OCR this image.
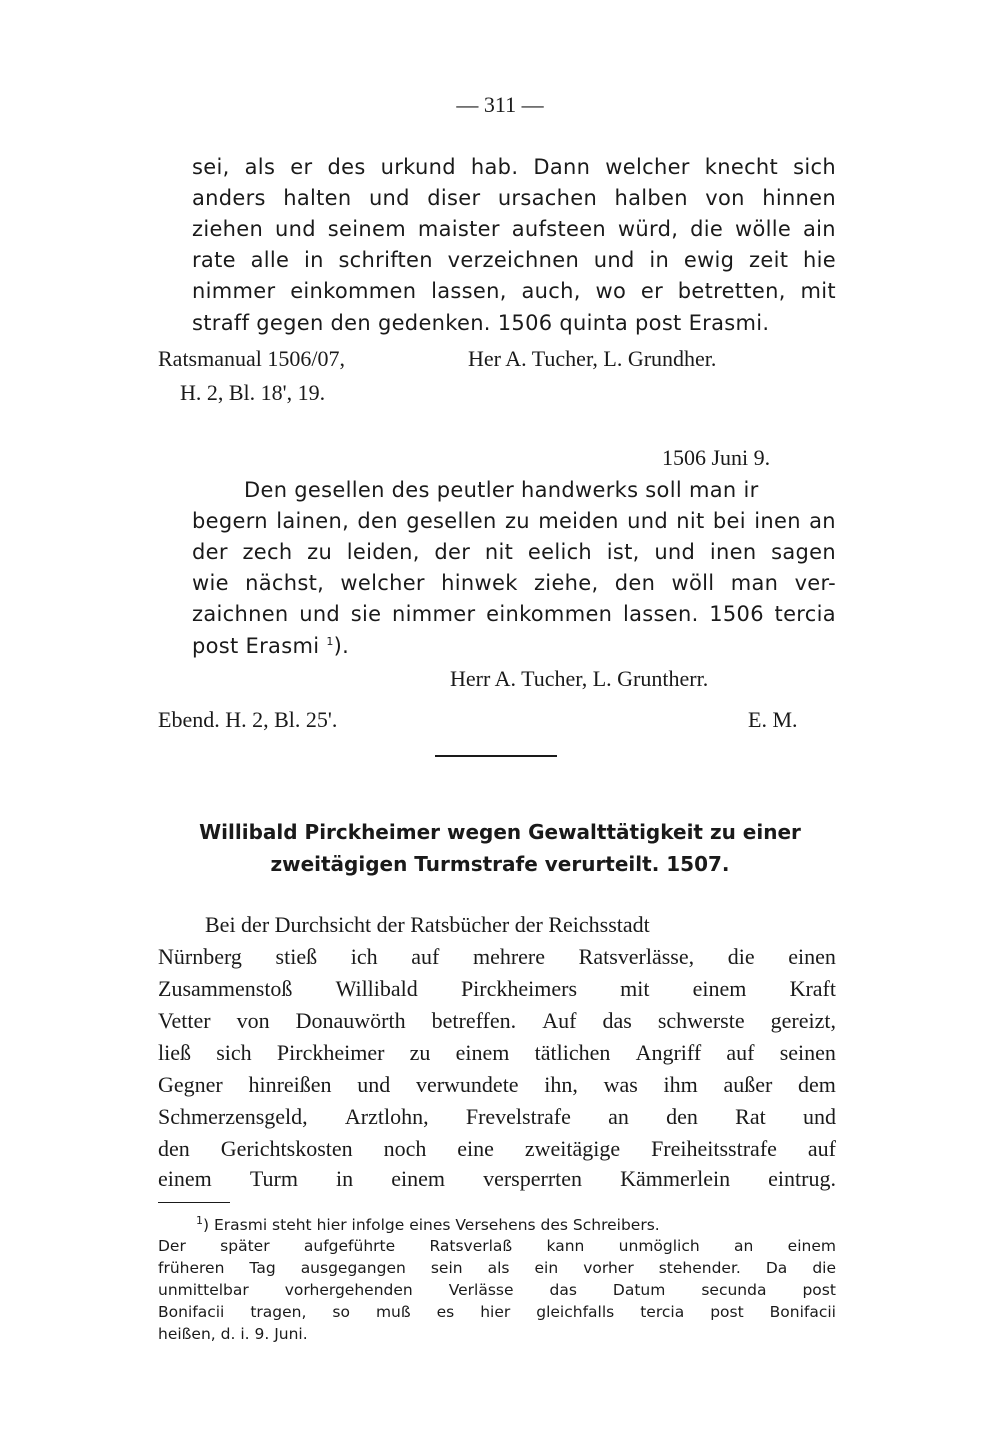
— 311 —
sei, als er des urkund hab. Dann welcher knecht sich
anders halten und diser ursachen halben von hinnen
ziehen und seinem maister aufsteen würd, die wölle ain
rate alle in schriften verzeichnen und in ewig zeit hie
nimmer einkommen lassen, auch, wo er betretten, mit
straff gegen den gedenken. 1506 quinta post Erasmi.
Ratsmanual 1506/07,	Her A. Tucher, L. Grundher.
H. 2, Bl. 18', 19.
1506 Juni 9.
Den gesellen des peutler handwerks soll man ir
begern lainen, den gesellen zu meiden und nit bei inen an
der zech zu leiden, der nit eelich ist, und inen sagen
wie nächst, welcher hinwek ziehe, den wöll man ver-
zaichnen und sie nimmer einkommen lassen. 1506 tercia
post Erasmi $^1$).
Herr A. Tucher, L. Gruntherr.
Ebend. H. 2, Bl. 25'.	E. M.
Willibald Pirckheimer wegen Gewalttätigkeit zu einer
zweitägigen Turmstrafe verurteilt. 1507.
Bei der Durchsicht der Ratsbücher der Reichsstadt
Nürnberg stieß ich auf mehrere Ratsverlässe, die einen
Zusammenstoß Willibald Pirckheimers mit einem Kraft
Vetter von Donauwörth betreffen. Auf das schwerste gereizt,
ließ sich Pirckheimer zu einem tätlichen Angriff auf seinen
Gegner hinreißen und verwundete ihn, was ihm außer dem
Schmerzensgeld, Arztlohn, Frevelstrafe an den Rat und
den Gerichtskosten noch eine zweitägige Freiheitsstrafe auf
einem Turm in einem versperrten Kämmerlein eintrug.
$^1$) Erasmi steht hier infolge eines Versehens des Schreibers.
Der später aufgeführte Ratsverlaß kann unmöglich an einem
früheren Tag ausgegangen sein als ein vorher stehender. Da die
unmittelbar vorhergehenden Verlässe das Datum secunda post
Bonifacii tragen, so muß es hier gleichfalls tercia post Bonifacii
heißen, d. i. 9. Juni.
